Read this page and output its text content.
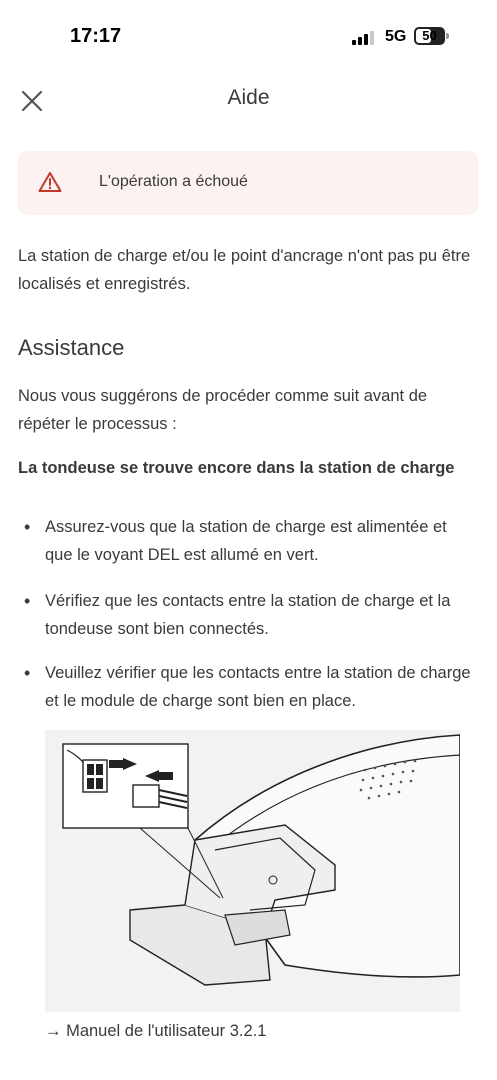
17:17	5G	50
Aide
L'opération a échoué
La station de charge et/ou le point d'ancrage n'ont pas pu être localisés et enregistrés.
Assistance
Nous vous suggérons de procéder comme suit avant de répéter le processus :
La tondeuse se trouve encore dans la station de charge
• Assurez-vous que la station de charge est alimentée et que le voyant DEL est allumé en vert.
• Vérifiez que les contacts entre la station de charge et la tondeuse sont bien connectés.
• Veuillez vérifier que les contacts entre la station de charge et le module de charge sont bien en place.
→ Manuel de l'utilisateur 3.2.1
